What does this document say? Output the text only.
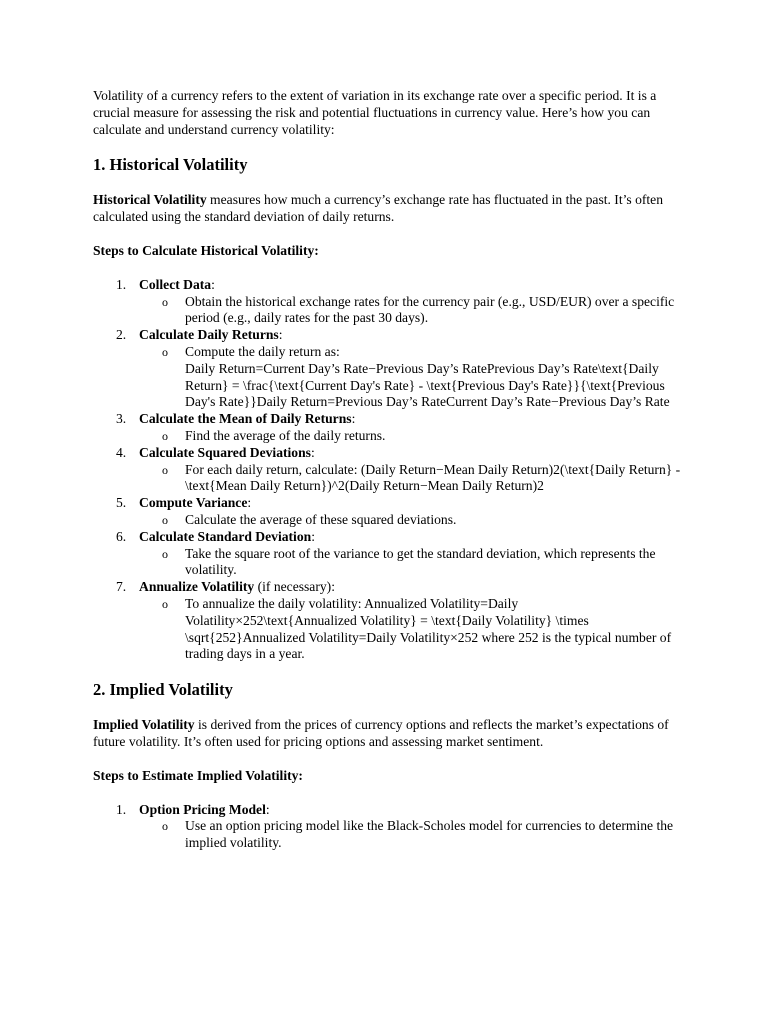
Volatility of a currency refers to the extent of variation in its exchange rate over a specific period. It is a crucial measure for assessing the risk and potential fluctuations in currency value. Here’s how you can calculate and understand currency volatility:

1. Historical Volatility

Historical Volatility measures how much a currency’s exchange rate has fluctuated in the past. It’s often calculated using the standard deviation of daily returns.

Steps to Calculate Historical Volatility:

1. Collect Data:
o Obtain the historical exchange rates for the currency pair (e.g., USD/EUR) over a specific period (e.g., daily rates for the past 30 days).
2. Calculate Daily Returns:
o Compute the daily return as:
Daily Return=Current Day’s Rate−Previous Day’s RatePrevious Day’s Rate\text{Daily Return} = \frac{\text{Current Day's Rate} - \text{Previous Day's Rate}}{\text{Previous Day's Rate}}Daily Return=Previous Day’s RateCurrent Day’s Rate−Previous Day’s Rate
3. Calculate the Mean of Daily Returns:
o Find the average of the daily returns.
4. Calculate Squared Deviations:
o For each daily return, calculate: (Daily Return−Mean Daily Return)2(\text{Daily Return} - \text{Mean Daily Return})^2(Daily Return−Mean Daily Return)2
5. Compute Variance:
o Calculate the average of these squared deviations.
6. Calculate Standard Deviation:
o Take the square root of the variance to get the standard deviation, which represents the volatility.
7. Annualize Volatility (if necessary):
o To annualize the daily volatility: Annualized Volatility=Daily Volatility×252\text{Annualized Volatility} = \text{Daily Volatility} \times \sqrt{252}Annualized Volatility=Daily Volatility×252 where 252 is the typical number of trading days in a year.
2. Implied Volatility

Implied Volatility is derived from the prices of currency options and reflects the market’s expectations of future volatility. It’s often used for pricing options and assessing market sentiment.

Steps to Estimate Implied Volatility:

1. Option Pricing Model:
o Use an option pricing model like the Black-Scholes model for currencies to determine the implied volatility.
